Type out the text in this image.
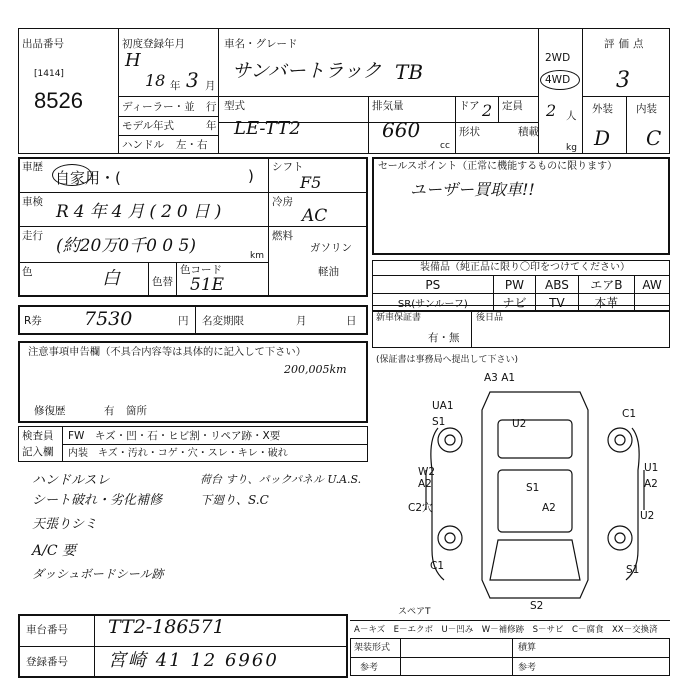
出品番号
[1414]
8526
初度登録年月
H
18 年 3 月
車名・グレード
サンバートラック TB
ディーラー・並 行
モデル年式	年
ハンドル 左・右
型式
LE-TT2
排気量
660
cc
ドア 2 定員 2 人
形状	積載
kg
2WD
4WD
評価点
3
外装 内装
D C
車歴
自家用・(	)
車検 R4年4月(20日)
走行 (約20万0千0 0 5)	km
色	白	色替
色コード
51E
シフト
F5
冷房
AC
燃料
ガソリン
軽油
セールスポイント（正常に機能するものに限ります）
ユーザー買取車!!
装備品（純正品に限り〇印をつけてください）
PS	PW	ABS	エアB	AW
SR(サンルーフ)	ナビ	TV	本革	
R券 7530	円 名変期限	月	日 新車保証書
有・無
後日品
注意事項申告欄（不具合内容等は具体的に記入して下さい）
200,005km
修復歴	有 箇所
検査員
記入欄
FW　キズ・凹・石・ヒビ割・リペア跡・X要
内装　キズ・汚れ・コゲ・穴・スレ・キレ・破れ
ハンドルスレ
シート破れ・劣化補修
天張りシミ
A/C 要
ダッシュボードシール跡
荷台 すり、パックパネル U.A.S.
下廻り、S.C
(保証書は事務局へ提出して下さい)
A3 A1
UA1
S1	U2
C1
W2
A2
U1
A2
S1
A2
C2穴
U2
C1	S1
S2
スペアT
A－キズ　E－エクボ　U－凹み　W－補修跡　S－サビ　C－腐食　XX－交換済
架装形式
参考
積算
参考
車台番号 TT2-186571
登録番号 宮崎 41 12 6960
